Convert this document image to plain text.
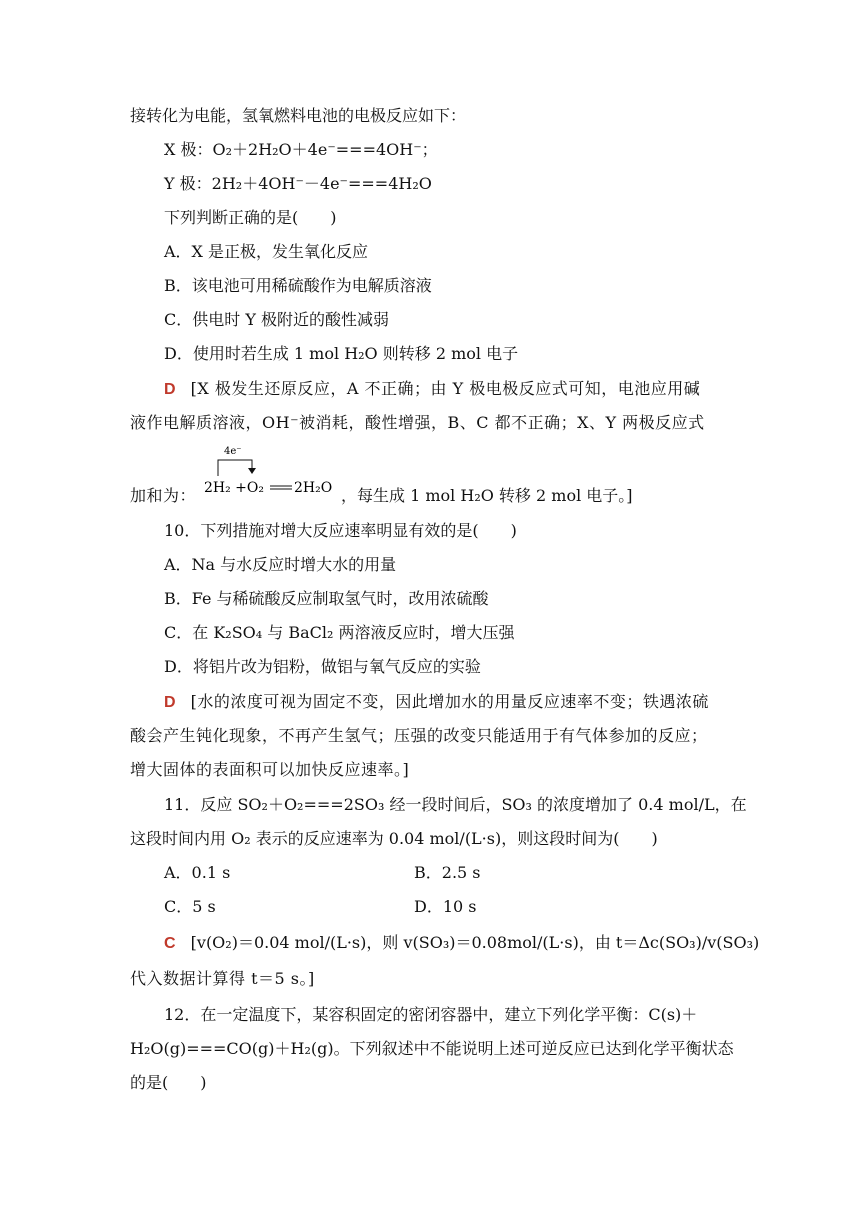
接转化为电能，氢氧燃料电池的电极反应如下：
X 极：O₂＋2H₂O＋4e⁻===4OH⁻；
Y 极：2H₂＋4OH⁻－4e⁻===4H₂O
下列判断正确的是(　　)
A．X 是正极，发生氧化反应
B．该电池可用稀硫酸作为电解质溶液
C．供电时 Y 极附近的酸性减弱
D．使用时若生成 1 mol H₂O 则转移 2 mol 电子
D [X 极发生还原反应，A 不正确；由 Y 极电极反应式可知，电池应用碱
液作电解质溶液，OH⁻被消耗，酸性增强，B、C 都不正确；X、Y 两极反应式
加和为：
4e⁻
2H₂ +O₂ 2H₂O ，每生成 1 mol H₂O 转移 2 mol 电子。]
10．下列措施对增大反应速率明显有效的是(　　)
A．Na 与水反应时增大水的用量
B．Fe 与稀硫酸反应制取氢气时，改用浓硫酸
C．在 K₂SO₄ 与 BaCl₂ 两溶液反应时，增大压强
D．将铝片改为铝粉，做铝与氧气反应的实验
D [水的浓度可视为固定不变，因此增加水的用量反应速率不变；铁遇浓硫
酸会产生钝化现象，不再产生氢气；压强的改变只能适用于有气体参加的反应；
增大固体的表面积可以加快反应速率。]
11．反应 SO₂＋O₂===2SO₃ 经一段时间后，SO₃ 的浓度增加了 0.4 mol/L，在
这段时间内用 O₂ 表示的反应速率为 0.04 mol/(L·s)，则这段时间为(　　)
A．0.1 s	B．2.5 s
C．5 s	D．10 s
C [v(O₂)＝0.04 mol/(L·s)，则 v(SO₃)＝0.08mol/(L·s)，由 t＝Δc(SO₃)/v(SO₃)
代入数据计算得 t＝5 s。]
12．在一定温度下，某容积固定的密闭容器中，建立下列化学平衡：C(s)＋
H₂O(g)===CO(g)＋H₂(g)。下列叙述中不能说明上述可逆反应已达到化学平衡状态
的是(　　)
